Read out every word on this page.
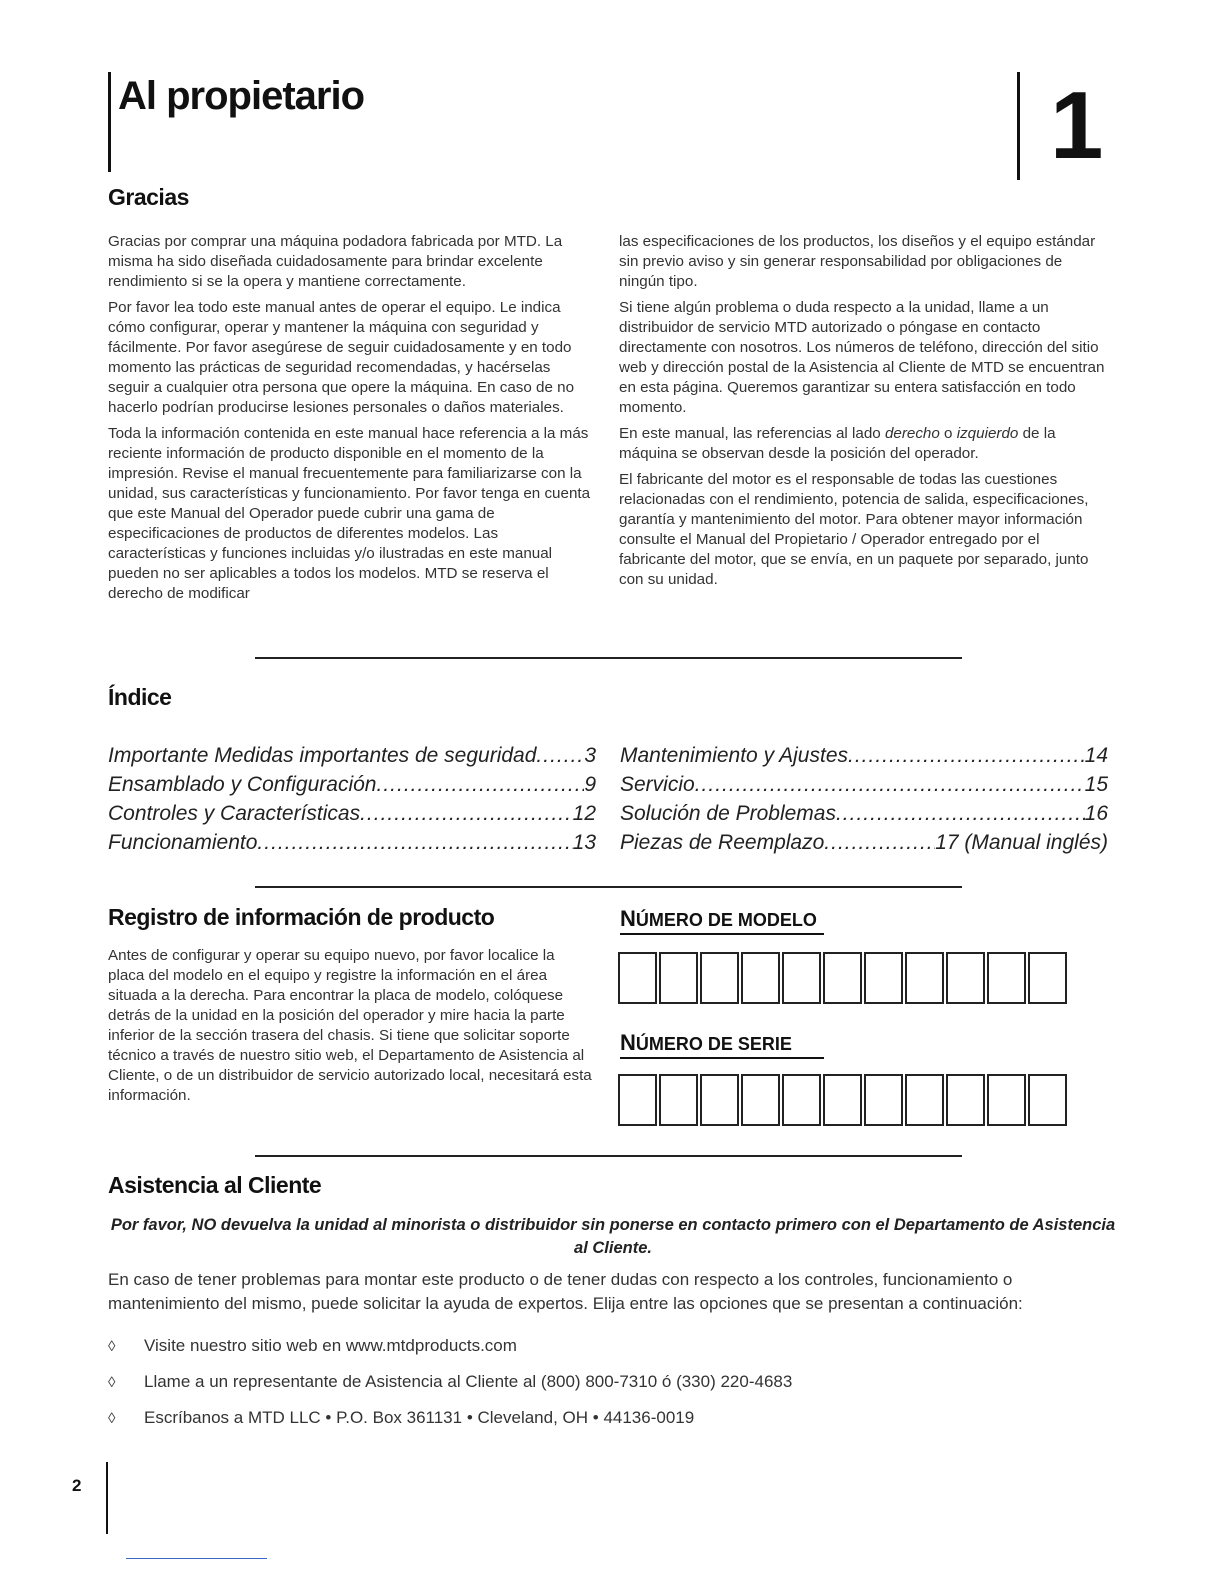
Al propietario	1
Gracias

Gracias por comprar una máquina podadora fabricada por MTD. La misma ha sido diseñada cuidadosamente para brindar excelente rendimiento si se la opera y mantiene correctamente.

Por favor lea todo este manual antes de operar el equipo. Le indica cómo configurar, operar y mantener la máquina con seguridad y fácilmente. Por favor asegúrese de seguir cuidadosamente y en todo momento las prácticas de seguridad recomendadas, y hacérselas seguir a cualquier otra persona que opere la máquina. En caso de no hacerlo podrían producirse lesiones personales o daños materiales.

Toda la información contenida en este manual hace referencia a la más reciente información de producto disponible en el momento de la impresión. Revise el manual frecuentemente para familiarizarse con la unidad, sus características y funcionamiento. Por favor tenga en cuenta que este Manual del Operador puede cubrir una gama de especificaciones de productos de diferentes modelos. Las características y funciones incluidas y/o ilustradas en este manual pueden no ser aplicables a todos los modelos. MTD se reserva el derecho de modificar

las especificaciones de los productos, los diseños y el equipo estándar sin previo aviso y sin generar responsabilidad por obligaciones de ningún tipo.

Si tiene algún problema o duda respecto a la unidad, llame a un distribuidor de servicio MTD autorizado o póngase en contacto directamente con nosotros. Los números de teléfono, dirección del sitio web y dirección postal de la Asistencia al Cliente de MTD se encuentran en esta página. Queremos garantizar su entera satisfacción en todo momento.

En este manual, las referencias al lado derecho o izquierdo de la máquina se observan desde la posición del operador.

El fabricante del motor es el responsable de todas las cuestiones relacionadas con el rendimiento, potencia de salida, especificaciones, garantía y mantenimiento del motor. Para obtener mayor información consulte el Manual del Propietario / Operador entregado por el fabricante del motor, que se envía, en un paquete por separado, junto con su unidad.

Índice
Importante Medidas importantes de seguridad ..... 3
Ensamblado y Configuración .....	9
Controles y Características .....	12
Funcionamiento .....	13
Mantenimiento y Ajustes .....	14
Servicio .....	15
Solución de Problemas .....	16
Piezas de Reemplazo .....	17 (Manual inglés)
Registro de información de producto
Antes de configurar y operar su equipo nuevo, por favor localice la placa del modelo en el equipo y registre la información en el área situada a la derecha. Para encontrar la placa de modelo, colóquese detrás de la unidad en la posición del operador y mire hacia la parte inferior de la sección trasera del chasis. Si tiene que solicitar soporte técnico a través de nuestro sitio web, el Departamento de Asistencia al Cliente, o de un distribuidor de servicio autorizado local, necesitará esta información.
NÚMERO DE MODELO
NÚMERO DE SERIE
Asistencia al Cliente
Por favor, NO devuelva la unidad al minorista o distribuidor sin ponerse en contacto primero con el Departamento de Asistencia al Cliente.
En caso de tener problemas para montar este producto o de tener dudas con respecto a los controles, funcionamiento o mantenimiento del mismo, puede solicitar la ayuda de expertos. Elija entre las opciones que se presentan a continuación:
◊	Visite nuestro sitio web en www.mtdproducts.com
◊	Llame a un representante de Asistencia al Cliente al (800) 800-7310 ó (330) 220-4683
◊	Escríbanos a MTD LLC • P.O. Box 361131 • Cleveland, OH • 44136-0019
2
